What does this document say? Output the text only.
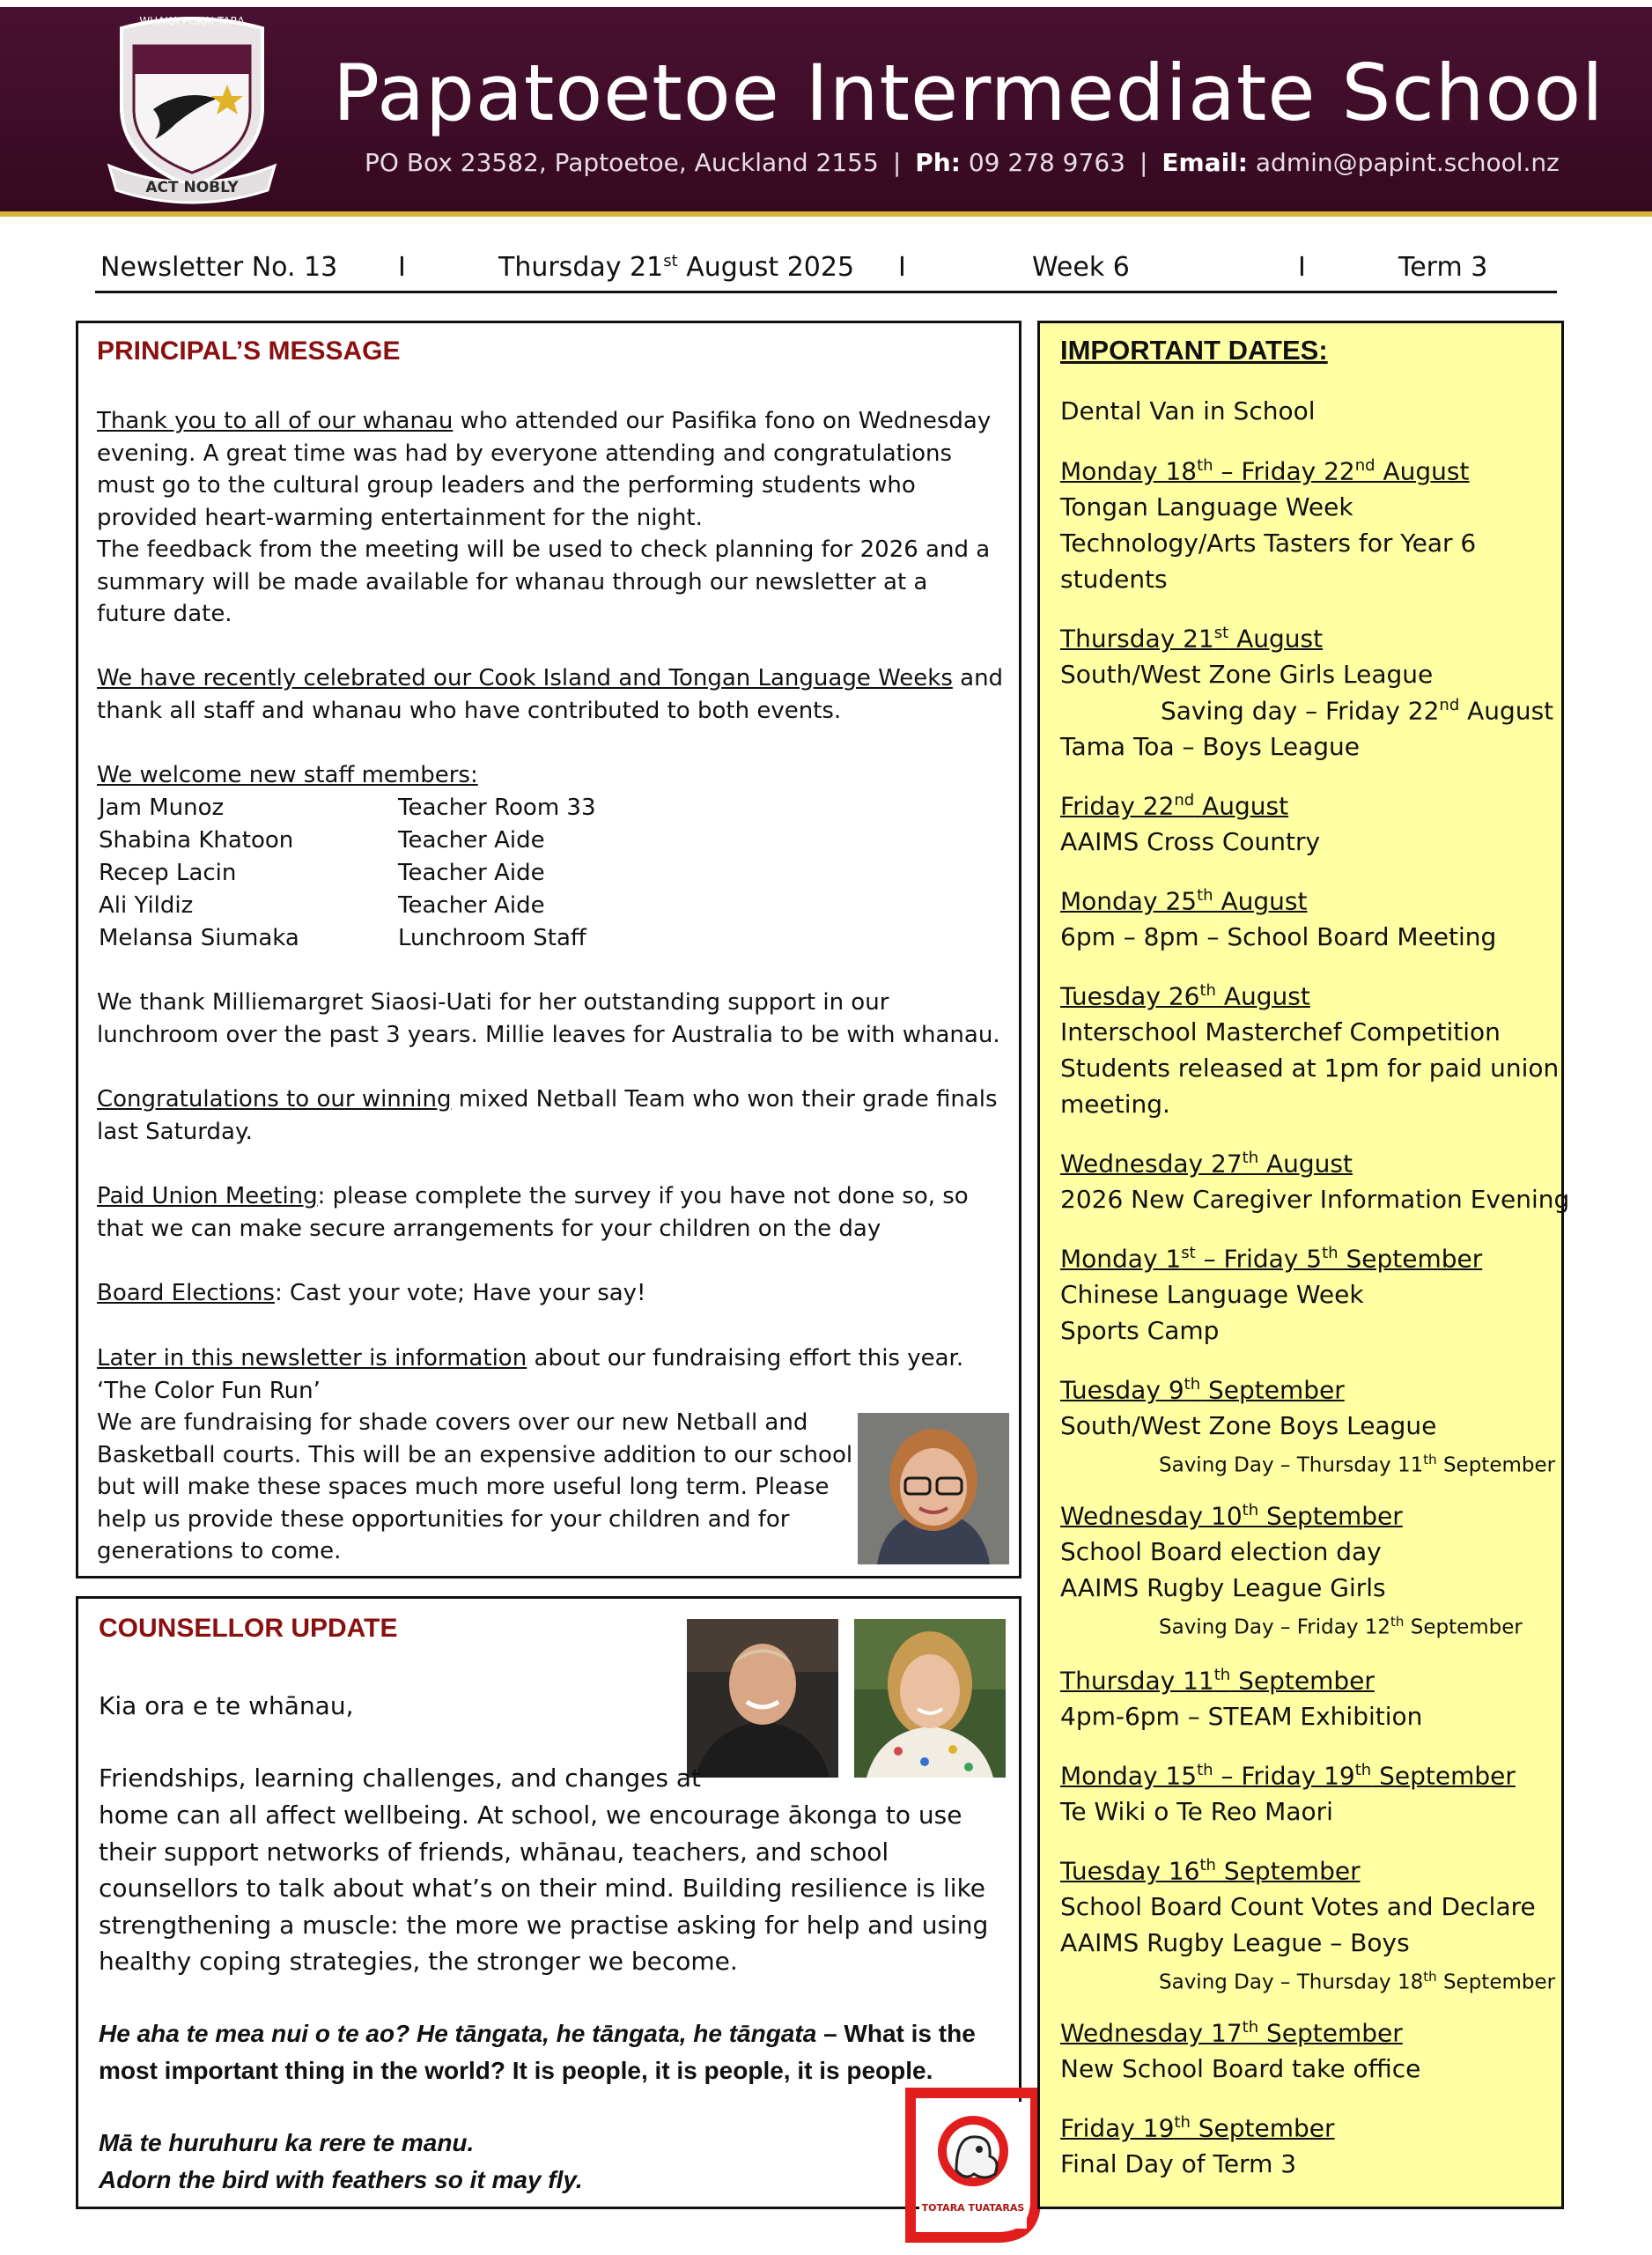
WHAKA POKAI TARA
ACT NOBLY
Papatoetoe Intermediate School
PO Box 23582, Paptoetoe, Auckland 2155 | Ph: 09 278 9763 | Email: admin@papint.school.nz
Newsletter No. 13 I	Thursday 21st August 2025 I	Week 6	I	Term 3
PRINCIPAL’S MESSAGE
Thank you to all of our whanau who attended our Pasifika fono on Wednesday evening. A great time was had by everyone attending and congratulations must go to the cultural group leaders and the performing students who provided heart-warming entertainment for the night.
The feedback from the meeting will be used to check planning for 2026 and a summary will be made available for whanau through our newsletter at a future date.
We have recently celebrated our Cook Island and Tongan Language Weeks and thank all staff and whanau who have contributed to both events.
We welcome new staff members:
Jam Munoz	Teacher Room 33
Shabina Khatoon	Teacher Aide
Recep Lacin	Teacher Aide
Ali Yildiz	Teacher Aide
Melansa Siumaka	Lunchroom Staff
We thank Milliemargret Siaosi-Uati for her outstanding support in our lunchroom over the past 3 years. Millie leaves for Australia to be with whanau.
Congratulations to our winning mixed Netball Team who won their grade finals last Saturday.
Paid Union Meeting: please complete the survey if you have not done so, so that we can make secure arrangements for your children on the day
Board Elections: Cast your vote; Have your say!
Later in this newsletter is information about our fundraising effort this year. ‘The Color Fun Run’
We are fundraising for shade covers over our new Netball and Basketball courts. This will be an expensive addition to our school but will make these spaces much more useful long term. Please help us provide these opportunities for your children and for generations to come.
COUNSELLOR UPDATE
Kia ora e te whānau,
Friendships, learning challenges, and changes at
home can all affect wellbeing. At school, we encourage ākonga to use their support networks of friends, whānau, teachers, and school counsellors to talk about what’s on their mind. Building resilience is like strengthening a muscle: the more we practise asking for help and using healthy coping strategies, the stronger we become.
He aha te mea nui o te ao? He tāngata, he tāngata, he tāngata – What is the most important thing in the world? It is people, it is people, it is people.
Mā te huruhuru ka rere te manu.
Adorn the bird with feathers so it may fly.
TOTARA TUATARAS
IMPORTANT DATES:
Dental Van in School
Monday 18th – Friday 22nd August
Tongan Language Week
Technology/Arts Tasters for Year 6
students
Thursday 21st August
South/West Zone Girls League
Saving day – Friday 22nd August
Tama Toa – Boys League
Friday 22nd August
AAIMS Cross Country
Monday 25th August
6pm – 8pm – School Board Meeting
Tuesday 26th August
Interschool Masterchef Competition
Students released at 1pm for paid union
meeting.
Wednesday 27th August
2026 New Caregiver Information Evening
Monday 1st – Friday 5th September
Chinese Language Week
Sports Camp
Tuesday 9th September
South/West Zone Boys League
Saving Day – Thursday 11th September
Wednesday 10th September
School Board election day
AAIMS Rugby League Girls
Saving Day – Friday 12th September
Thursday 11th September
4pm-6pm – STEAM Exhibition
Monday 15th – Friday 19th September
Te Wiki o Te Reo Maori
Tuesday 16th September
School Board Count Votes and Declare
AAIMS Rugby League – Boys
Saving Day – Thursday 18th September
Wednesday 17th September
New School Board take office
Friday 19th September
Final Day of Term 3
